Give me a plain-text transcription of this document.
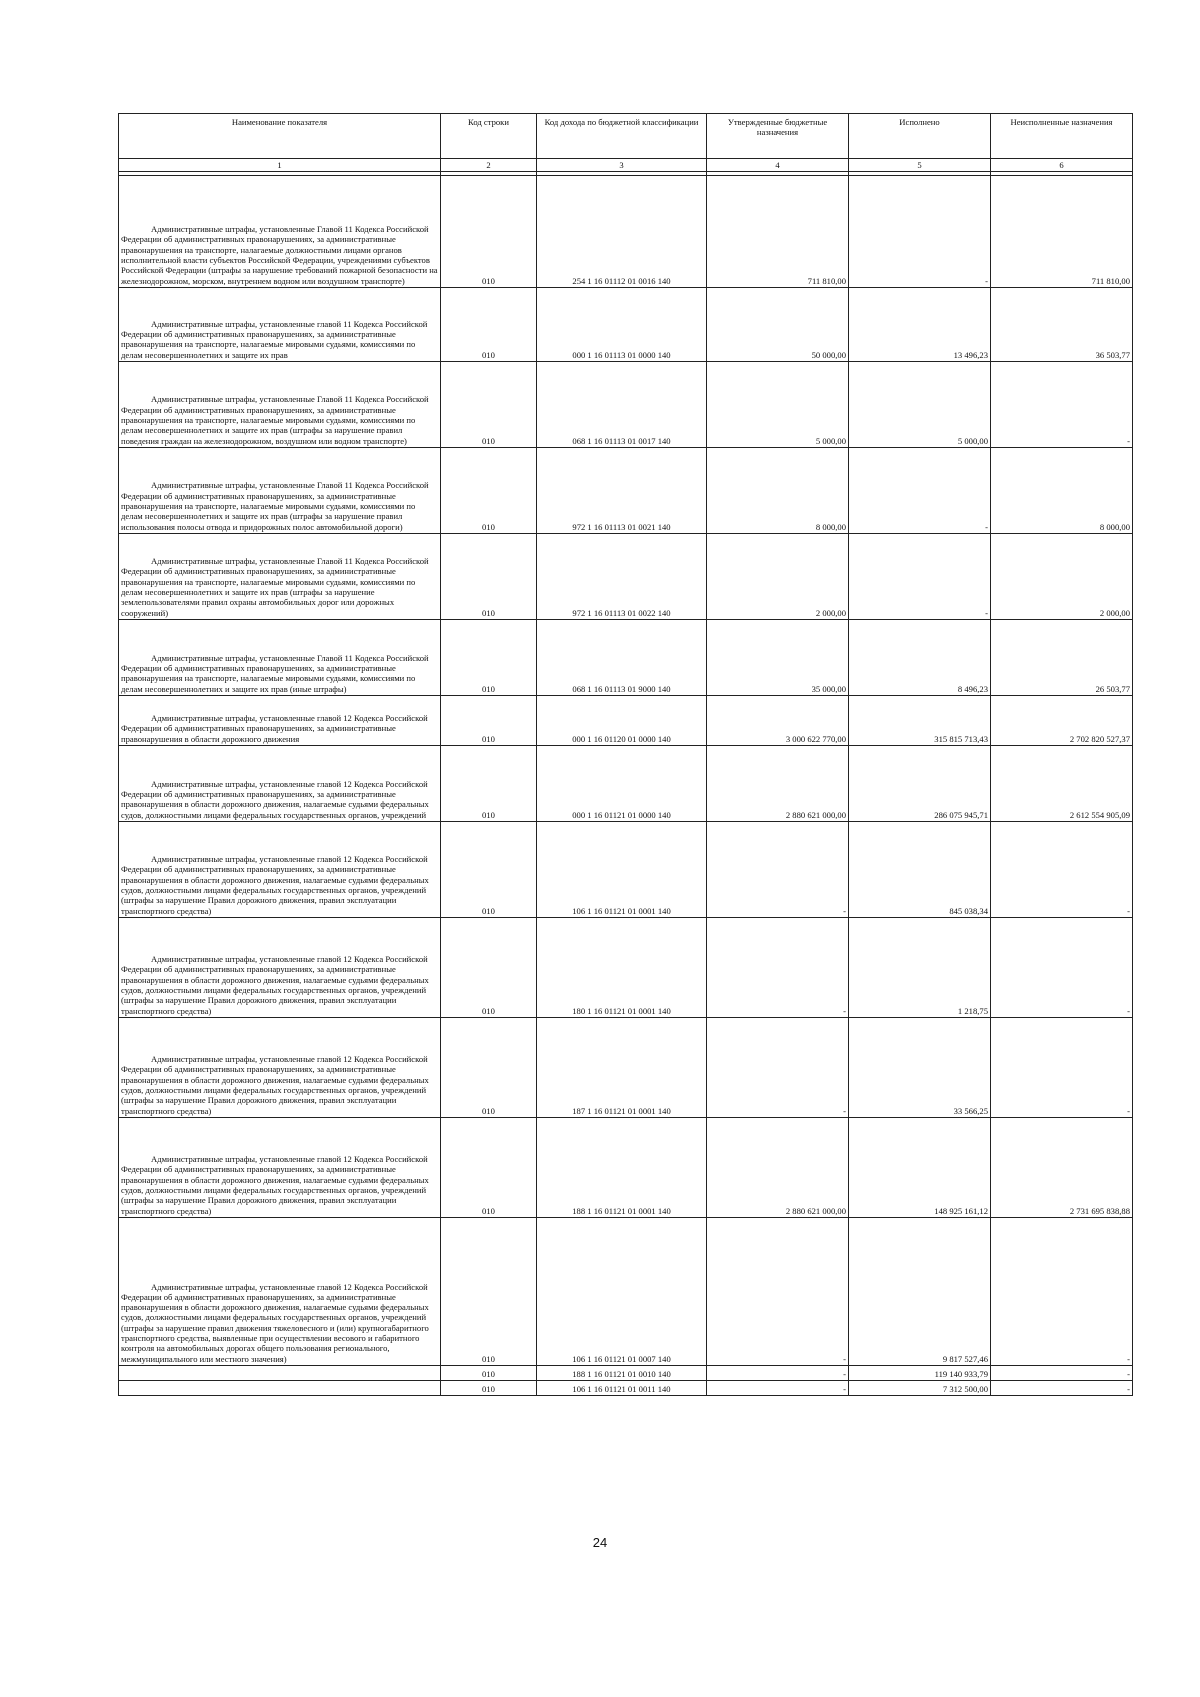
Наименование показателя	Код строки	Код дохода по бюджетной классификации	Утвержденные бюджетные назначения	Исполнено	Неисполненные назначения
1	2	3	4	5	6

Административные штрафы, установленные Главой 11 Кодекса Российской Федерации об административных правонарушениях, за административные правонарушения на транспорте, налагаемые должностными лицами органов исполнительной власти субъектов Российской Федерации, учреждениями субъектов Российской Федерации (штрафы за нарушение требований пожарной безопасности на железнодорожном, морском, внутреннем водном или воздушном транспорте)	010	254 1 16 01112 01 0016 140	711 810,00	-	711 810,00

Административные штрафы, установленные главой 11 Кодекса Российской Федерации об административных правонарушениях, за административные правонарушения на транспорте, налагаемые мировыми судьями, комиссиями по делам несовершеннолетних и защите их прав	010	000 1 16 01113 01 0000 140	50 000,00	13 496,23	36 503,77

Административные штрафы, установленные Главой 11 Кодекса Российской Федерации об административных правонарушениях, за административные правонарушения на транспорте, налагаемые мировыми судьями, комиссиями по делам несовершеннолетних и защите их прав (штрафы за нарушение правил поведения граждан на железнодорожном, воздушном или водном транспорте)	010	068 1 16 01113 01 0017 140	5 000,00	5 000,00	-

Административные штрафы, установленные Главой 11 Кодекса Российской Федерации об административных правонарушениях, за административные правонарушения на транспорте, налагаемые мировыми судьями, комиссиями по делам несовершеннолетних и защите их прав (штрафы за нарушение правил использования полосы отвода и придорожных полос автомобильной дороги)	010	972 1 16 01113 01 0021 140	8 000,00	-	8 000,00

Административные штрафы, установленные Главой 11 Кодекса Российской Федерации об административных правонарушениях, за административные правонарушения на транспорте, налагаемые мировыми судьями, комиссиями по делам несовершеннолетних и защите их прав (штрафы за нарушение землепользователями правил охраны автомобильных дорог или дорожных сооружений)	010	972 1 16 01113 01 0022 140	2 000,00	-	2 000,00

Административные штрафы, установленные Главой 11 Кодекса Российской Федерации об административных правонарушениях, за административные правонарушения на транспорте, налагаемые мировыми судьями, комиссиями по делам несовершеннолетних и защите их прав (иные штрафы)	010	068 1 16 01113 01 9000 140	35 000,00	8 496,23	26 503,77

Административные штрафы, установленные главой 12 Кодекса Российской Федерации об административных правонарушениях, за административные правонарушения в области дорожного движения	010	000 1 16 01120 01 0000 140	3 000 622 770,00	315 815 713,43	2 702 820 527,37

Административные штрафы, установленные главой 12 Кодекса Российской Федерации об административных правонарушениях, за административные правонарушения в области дорожного движения, налагаемые судьями федеральных судов, должностными лицами федеральных государственных органов, учреждений	010	000 1 16 01121 01 0000 140	2 880 621 000,00	286 075 945,71	2 612 554 905,09

Административные штрафы, установленные главой 12 Кодекса Российской Федерации об административных правонарушениях, за административные правонарушения в области дорожного движения, налагаемые судьями федеральных судов, должностными лицами федеральных государственных органов, учреждений (штрафы за нарушение Правил дорожного движения, правил эксплуатации транспортного средства)	010	106 1 16 01121 01 0001 140	-	845 038,34	-

Административные штрафы, установленные главой 12 Кодекса Российской Федерации об административных правонарушениях, за административные правонарушения в области дорожного движения, налагаемые судьями федеральных судов, должностными лицами федеральных государственных органов, учреждений (штрафы за нарушение Правил дорожного движения, правил эксплуатации транспортного средства)	010	180 1 16 01121 01 0001 140	-	1 218,75	-

Административные штрафы, установленные главой 12 Кодекса Российской Федерации об административных правонарушениях, за административные правонарушения в области дорожного движения, налагаемые судьями федеральных судов, должностными лицами федеральных государственных органов, учреждений (штрафы за нарушение Правил дорожного движения, правил эксплуатации транспортного средства)	010	187 1 16 01121 01 0001 140	-	33 566,25	-

Административные штрафы, установленные главой 12 Кодекса Российской Федерации об административных правонарушениях, за административные правонарушения в области дорожного движения, налагаемые судьями федеральных судов, должностными лицами федеральных государственных органов, учреждений (штрафы за нарушение Правил дорожного движения, правил эксплуатации транспортного средства)	010	188 1 16 01121 01 0001 140	2 880 621 000,00	148 925 161,12	2 731 695 838,88

Административные штрафы, установленные главой 12 Кодекса Российской Федерации об административных правонарушениях, за административные правонарушения в области дорожного движения, налагаемые судьями федеральных судов, должностными лицами федеральных государственных органов, учреждений (штрафы за нарушение правил движения тяжеловесного и (или) крупногабаритного транспортного средства, выявленные при осуществлении весового и габаритного контроля на автомобильных дорогах общего пользования регионального, межмуниципального или местного значения)	010	106 1 16 01121 01 0007 140	-	9 817 527,46	-

	010	188 1 16 01121 01 0010 140	-	119 140 933,79	-

	010	106 1 16 01121 01 0011 140	-	7 312 500,00	-
24
